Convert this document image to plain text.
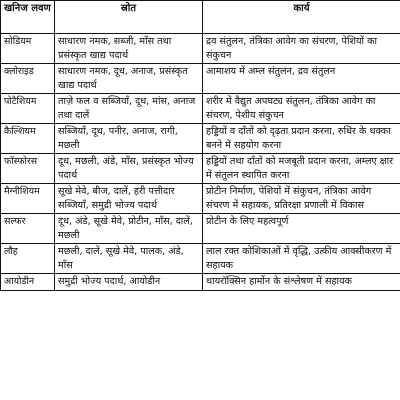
खनिज लवण	स्रोत	कार्य
सोडियम	साधारण नमक, सब्जी, माँस तथा प्रसंस्कृत खाद्य पदार्थ	द्रव संतुलन, तंत्रिका आवेग का संचरण, पेशियों का संकुचन
क्लोराइड	साधारण नमक, दूध, अनाज, प्रसंस्कृत खाद्य पदार्थ	आमाशय में अम्ल संतुलन, द्रव संतुलन
पोटैशियम	ताज़े फल व सब्जियाँ, दूध, मांस, अनाज तथा दालें	शरीर में वैद्युत अपघट्य संतुलन, तंत्रिका आवेग का संचरण, पेशीय संकुचन
कैल्शियम	सब्जियाँ, दूध, पनीर, अनाज, रागी, मछली	हड्डियों व दाँतों को दृढ़ता प्रदान करना, रुधिर के थक्का बनने में सहयोग करना
फॉस्फोरस	दूध, मछली, अंडे, माँस, प्रसंस्कृत भोज्य पदार्थ	हड्डियों तथा दाँतों को मजबूती प्रदान करना, अम्लए क्षार में संतुलन स्थापित करना
मैग्नीशियम	सूखे मेवे, बीज, दालें, हरी पत्तीदार सब्जियाँ, समुद्री भोज्य पदार्थ	प्रोटीन निर्माण, पेशियों में संकुचन, तंत्रिका आवेग संचरण में सहायक, प्रतिरक्षा प्रणाली में विकास
सल्फर	दूध, अंडे, सूखे मेवे, प्रोटीन, माँस, दालें, मछली	प्रोटीन के लिए महत्वपूर्ण
लौह	मछली, दालें, सूखे मेवे, पालक, अंडे, माँस	लाल रक्त कोशिकाओं में वृद्धि, उत्कीय आक्सीकरण में सहायक
आयोडीन	समुद्री भोज्य पदार्थ, आयोडीन	थायरॉक्सिन हार्मोन के संश्लेषण में सहायक
